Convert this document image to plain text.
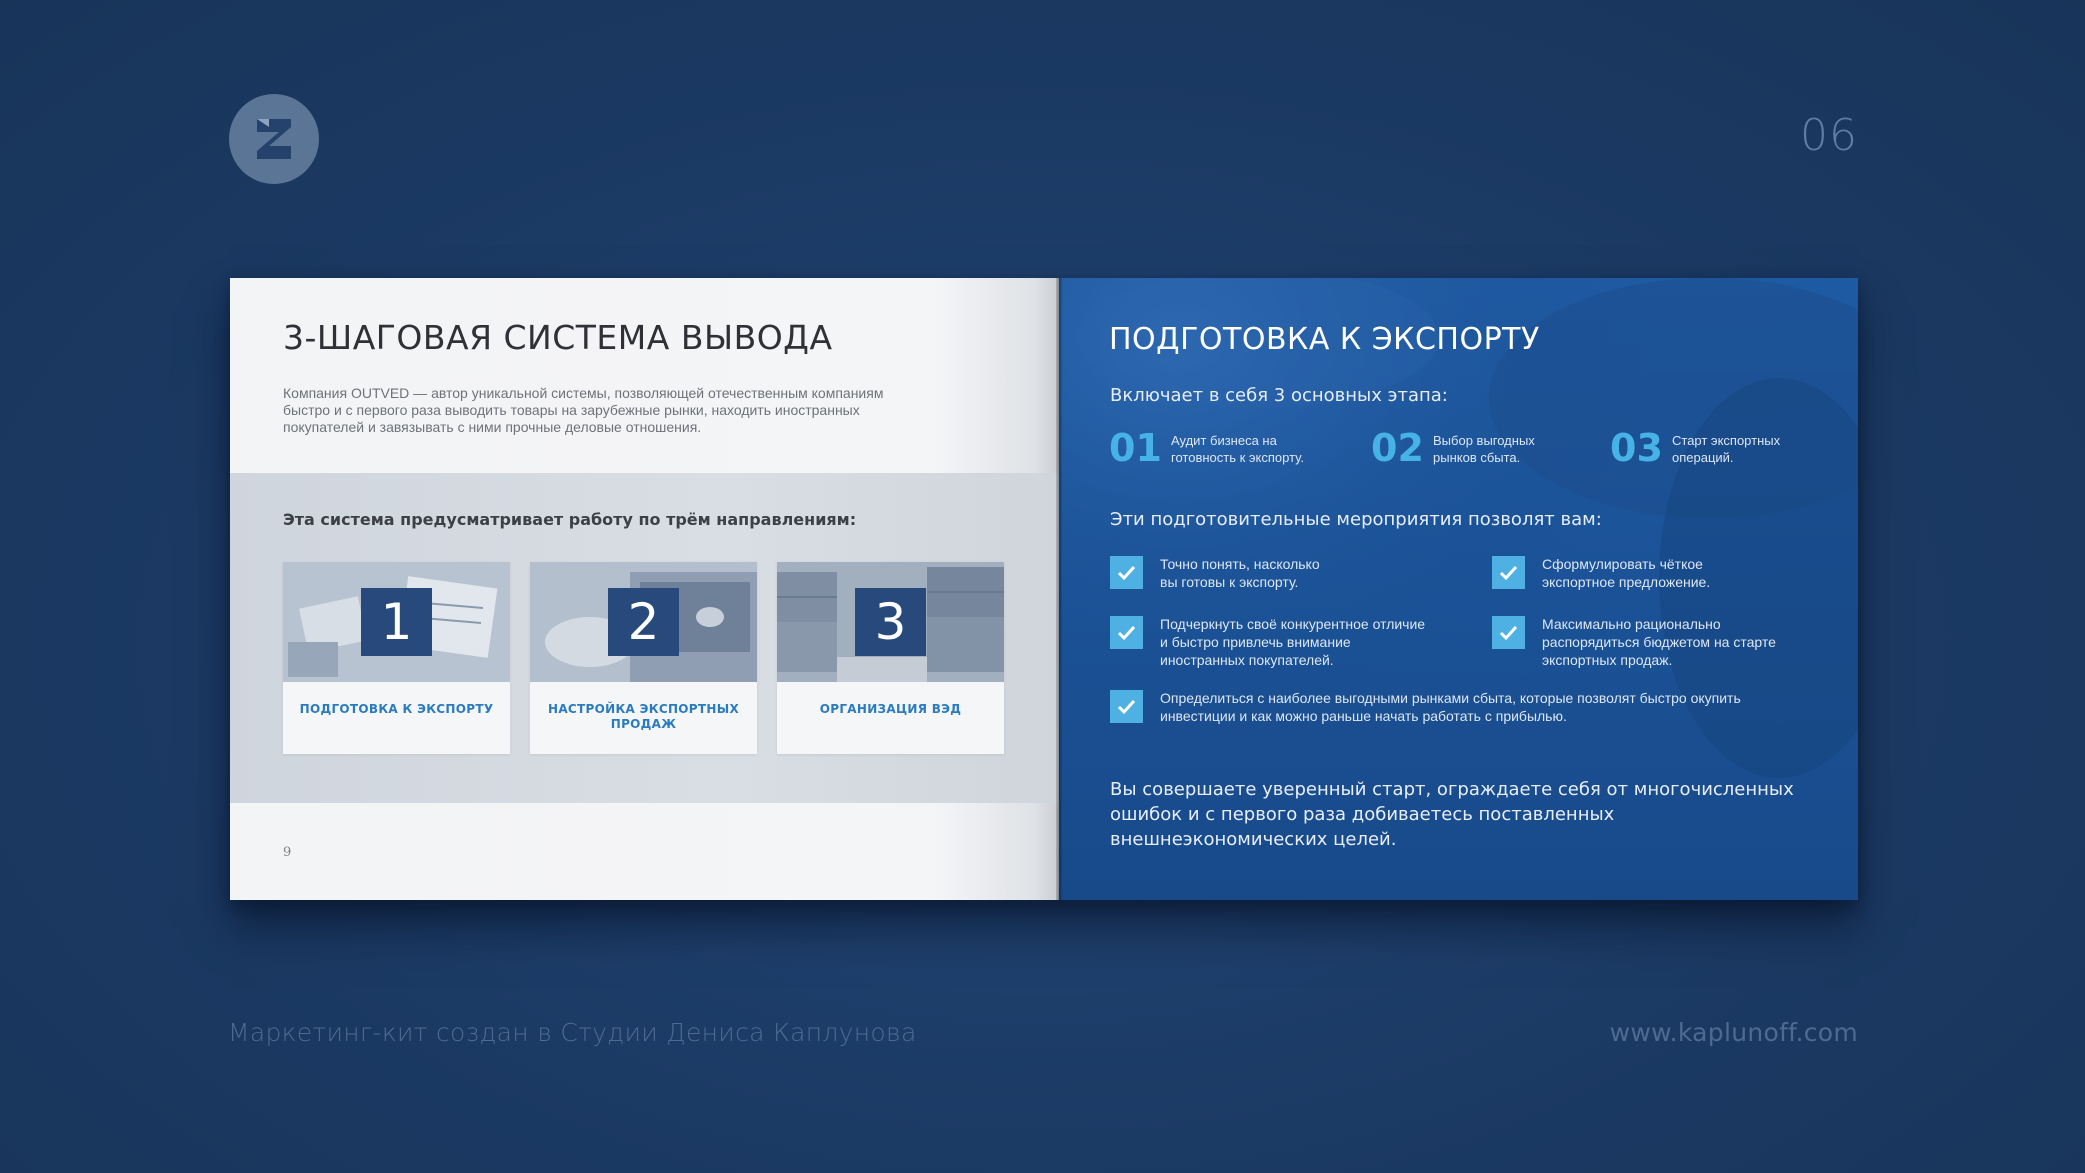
06
3-ШАГОВАЯ СИСТЕМА ВЫВОДА
Компания OUTVED — автор уникальной системы, позволяющей отечественным компаниям быстро и с первого раза выводить товары на зарубежные рынки, находить иностранных покупателей и завязывать с ними прочные деловые отношения.
Эта система предусматривает работу по трём направлениям:
1
ПОДГОТОВКА К ЭКСПОРТУ
2
НАСТРОЙКА ЭКСПОРТНЫХ ПРОДАЖ
3
ОРГАНИЗАЦИЯ ВЭД
9
ПОДГОТОВКА К ЭКСПОРТУ
Включает в себя 3 основных этапа:
01 Аудит бизнеса на готовность к экспорту.	02 Выбор выгодных рынков сбыта.	03 Старт экспортных операций.
Эти подготовительные мероприятия позволят вам:
Точно понять, насколько вы готовы к экспорту.
Сформулировать чёткое экспортное предложение.
Подчеркнуть своё конкурентное отличие и быстро привлечь внимание иностранных покупателей.
Максимально рационально распорядиться бюджетом на старте экспортных продаж.
Определиться с наиболее выгодными рынками сбыта, которые позволят быстро окупить инвестиции и как можно раньше начать работать с прибылью.
Вы совершаете уверенный старт, ограждаете себя от многочисленных ошибок и с первого раза добиваетесь поставленных внешнеэкономических целей.
Маркетинг-кит создан в Студии Дениса Каплунова	www.kaplunoff.com
